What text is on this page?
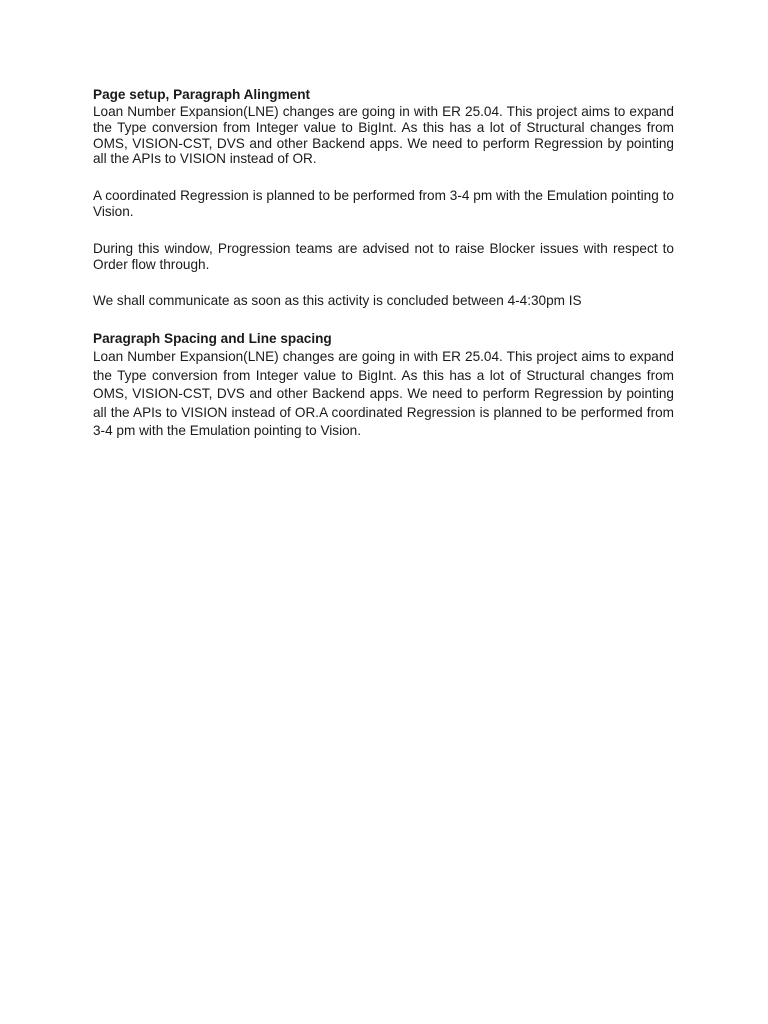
Page setup, Paragraph Alingment

Loan Number Expansion(LNE) changes are going in with ER 25.04. This project aims to expand the Type conversion from Integer value to BigInt. As this has a lot of Structural changes from OMS, VISION-CST, DVS and other Backend apps. We need to perform Regression by pointing all the APIs to VISION instead of OR.

A coordinated Regression is planned to be performed from 3-4 pm with the Emulation pointing to Vision.

During this window, Progression teams are advised not to raise Blocker issues with respect to Order flow through.

We shall communicate as soon as this activity is concluded between 4-4:30pm IS

Paragraph Spacing and Line spacing

Loan Number Expansion(LNE) changes are going in with ER 25.04. This project aims to expand the Type conversion from Integer value to BigInt. As this has a lot of Structural changes from OMS, VISION-CST, DVS and other Backend apps. We need to perform Regression by pointing all the APIs to VISION instead of OR.A coordinated Regression is planned to be performed from 3-4 pm with the Emulation pointing to Vision.
